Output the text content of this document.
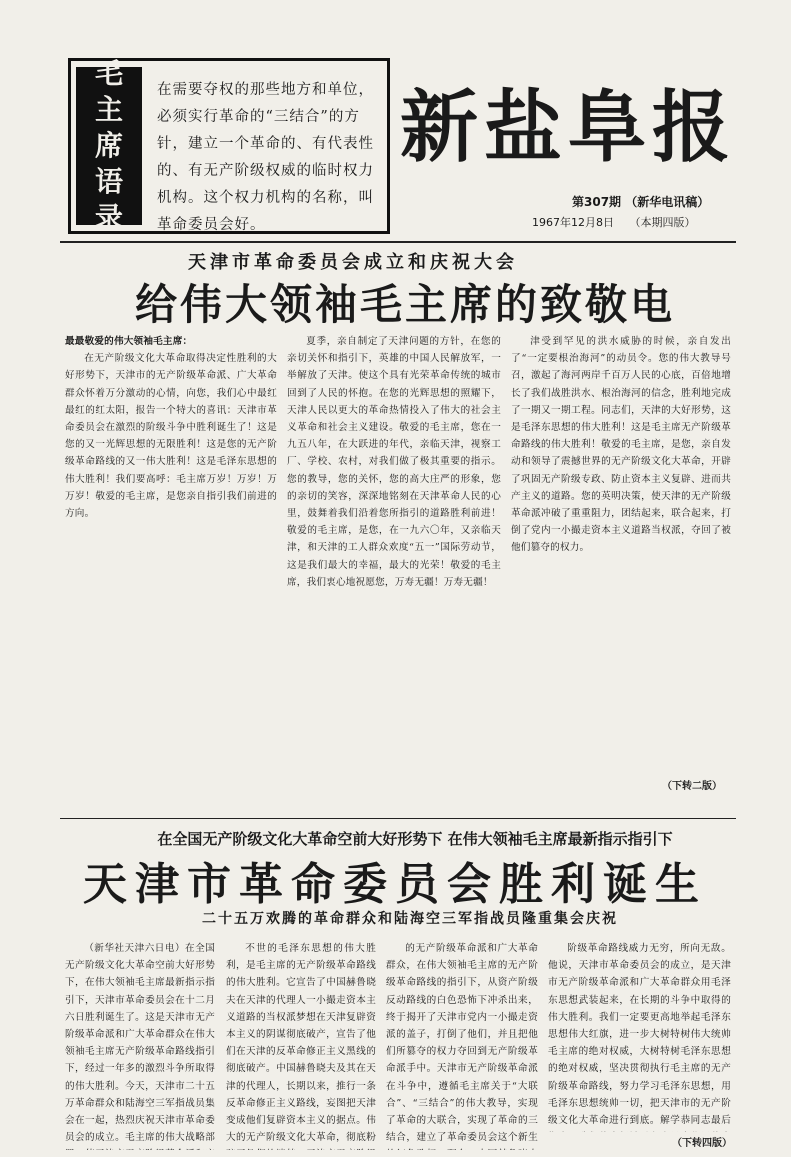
毛
主
席
语
录
在需要夺权的那些地方和单位，必须实行革命的“三结合”的方针，建立一个革命的、有代表性的、有无产阶级权威的临时权力机构。这个权力机构的名称，叫革命委员会好。
新盐阜报
第307期 （新华电讯稿）
1967年12月8日 （本期四版）
天津市革命委员会成立和庆祝大会
给伟大领袖毛主席的致敬电

最最敬爱的伟大领袖毛主席：

在无产阶级文化大革命取得决定性胜利的大好形势下，天津市的无产阶级革命派、广大革命群众怀着万分激动的心情，向您，我们心中最红最红的红太阳，报告一个特大的喜讯：天津市革命委员会在激烈的阶级斗争中胜利诞生了！这是您的又一光辉思想的无限胜利！这是您的无产阶级革命路线的又一伟大胜利！这是毛泽东思想的伟大胜利！我们要高呼：毛主席万岁！万岁！万万岁！敬爱的毛主席，是您亲自指引我们前进的方向。

夏季，亲自制定了天津问题的方针，在您的亲切关怀和指引下，英雄的中国人民解放军，一举解放了天津。使这个具有光荣革命传统的城市回到了人民的怀抱。在您的光辉思想的照耀下，天津人民以更大的革命热情投入了伟大的社会主义革命和社会主义建设。敬爱的毛主席，您在一九五八年，在大跃进的年代，亲临天津，视察工厂、学校、农村，对我们做了极其重要的指示。您的教导，您的关怀，您的高大庄严的形象，您的亲切的笑容，深深地铭刻在天津革命人民的心里，鼓舞着我们沿着您所指引的道路胜利前进！敬爱的毛主席，是您，在一九六〇年，又亲临天津，和天津的工人群众欢度“五一”国际劳动节，这是我们最大的幸福，最大的光荣！敬爱的毛主席，我们衷心地祝愿您，万寿无疆！万寿无疆！

津受到罕见的洪水威胁的时候，亲自发出了“一定要根治海河”的动员令。您的伟大教导号召，激起了海河两岸千百万人民的心底，百倍地增长了我们战胜洪水、根治海河的信念，胜利地完成了一期又一期工程。同志们，天津的大好形势，这是毛泽东思想的伟大胜利！这是毛主席无产阶级革命路线的伟大胜利！敬爱的毛主席，是您，亲自发动和领导了震撼世界的无产阶级文化大革命，开辟了巩固无产阶级专政、防止资本主义复辟、进而共产主义的道路。您的英明决策，使天津的无产阶级革命派冲破了重重阻力，团结起来，联合起来，打倒了党内一小撮走资本主义道路当权派，夺回了被他们篡夺的权力。

（下转二版）
在全国无产阶级文化大革命空前大好形势下 在伟大领袖毛主席最新指示指引下
天津市革命委员会胜利诞生
二十五万欢腾的革命群众和陆海空三军指战员隆重集会庆祝

（新华社天津六日电）在全国无产阶级文化大革命空前大好形势下，在伟大领袖毛主席最新指示指引下，天津市革命委员会在十二月六日胜利诞生了。这是天津市无产阶级革命派和广大革命群众在伟大领袖毛主席无产阶级革命路线指引下，经过一年多的激烈斗争所取得的伟大胜利。今天，天津市二十五万革命群众和陆海空三军指战员集会在一起，热烈庆祝天津市革命委员会的成立。毛主席的伟大战略部

不世的毛泽东思想的伟大胜利，是毛主席的无产阶级革命路线的伟大胜利。它宣告了中国赫鲁晓夫在天津的代理人一小撮走资本主义道路的当权派梦想在天津复辟资本主义的阴谋彻底破产，宣告了他们在天津的反革命修正主义黑线的彻底破产。中国赫鲁晓夫及其在天津的代理人，长期以来，推行一条反革命修正主义路线，妄图把天津变成他们复辟资本主义的据点。伟大的无产阶级文化大革命，彻底粉

的无产阶级革命派和广大革命群众，在伟大领袖毛主席的无产阶级革命路线的指引下，从资产阶级反动路线的白色恐怖下冲杀出来，终于揭开了天津市党内一小撮走资派的盖子，打倒了他们，并且把他们所篡夺的权力夺回到无产阶级革命派手中。天津市无产阶级革命派在斗争中，遵循毛主席关于“大联合”、“三结合”的伟大教导，实现了革命的大联合，实现了革命的三结合，建立了革命委员会这个新生

阶级革命路线威力无穷，所向无敌。他说，天津市革命委员会的成立，是天津市无产阶级革命派和广大革命群众用毛泽东思想武装起来，在长期的斗争中取得的伟大胜利。我们一定要更高地举起毛泽东思想伟大红旗，进一步大树特树伟大统帅毛主席的绝对权威，大树特树毛泽东思想的绝对权威，坚决贯彻执行毛主席的无产阶级革命路线，努力学习毛泽东思想，用毛泽东思想统帅一切，把天津市的无产阶级文化大革命进行到底。解学恭同志最后

（下转四版）
